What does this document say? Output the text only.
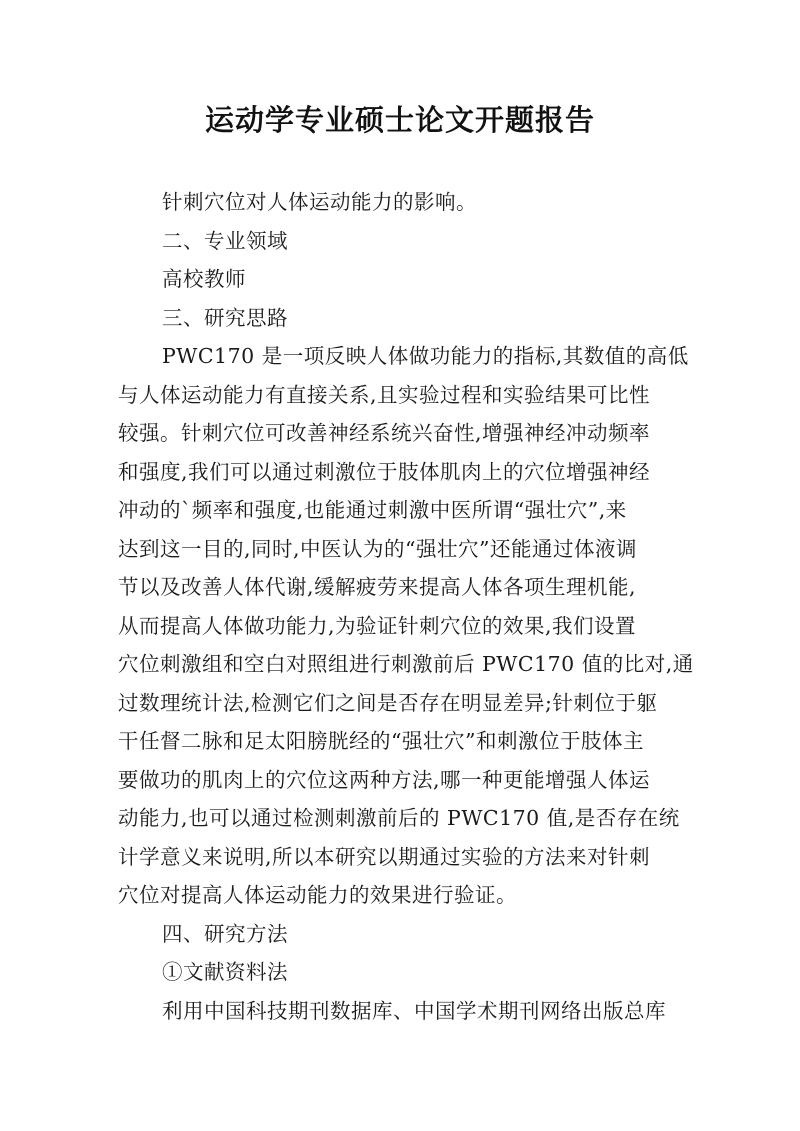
运动学专业硕士论文开题报告
针刺穴位对人体运动能力的影响。
二、专业领域
高校教师
三、研究思路
PWC170 是一项反映人体做功能力的指标,其数值的高低
与人体运动能力有直接关系,且实验过程和实验结果可比性
较强。针刺穴位可改善神经系统兴奋性,增强神经冲动频率
和强度,我们可以通过刺激位于肢体肌肉上的穴位增强神经
冲动的`频率和强度,也能通过刺激中医所谓“强壮穴”,来
达到这一目的,同时,中医认为的“强壮穴”还能通过体液调
节以及改善人体代谢,缓解疲劳来提高人体各项生理机能,
从而提高人体做功能力,为验证针刺穴位的效果,我们设置
穴位刺激组和空白对照组进行刺激前后 PWC170 值的比对,通
过数理统计法,检测它们之间是否存在明显差异;针刺位于躯
干任督二脉和足太阳膀胱经的“强壮穴”和刺激位于肢体主
要做功的肌肉上的穴位这两种方法,哪一种更能增强人体运
动能力,也可以通过检测刺激前后的 PWC170 值,是否存在统
计学意义来说明,所以本研究以期通过实验的方法来对针刺
穴位对提高人体运动能力的效果进行验证。
四、研究方法
①文献资料法
利用中国科技期刊数据库、中国学术期刊网络出版总库
